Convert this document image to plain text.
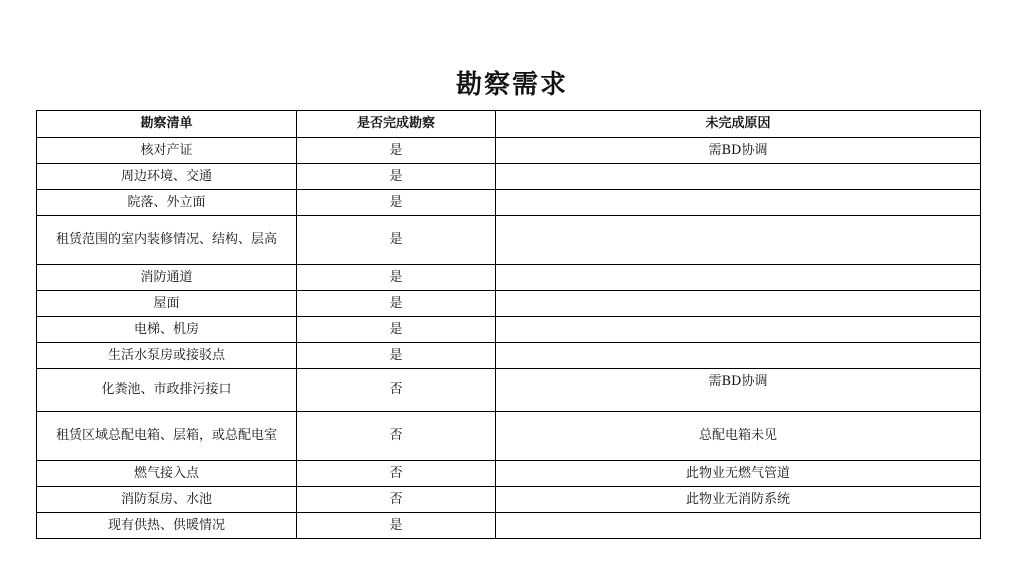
勘察需求
勘察清单	是否完成勘察	未完成原因
核对产证	是	需BD协调
周边环境、交通	是	
院落、外立面	是	
租赁范围的室内装修情况、结构、层高	是	
消防通道	是	
屋面	是	
电梯、机房	是	
生活水泵房或接驳点	是	
化粪池、市政排污接口	否	需BD协调
租赁区域总配电箱、层箱，或总配电室	否	总配电箱未见
燃气接入点	否	此物业无燃气管道
消防泵房、水池	否	此物业无消防系统
现有供热、供暖情况	是	
